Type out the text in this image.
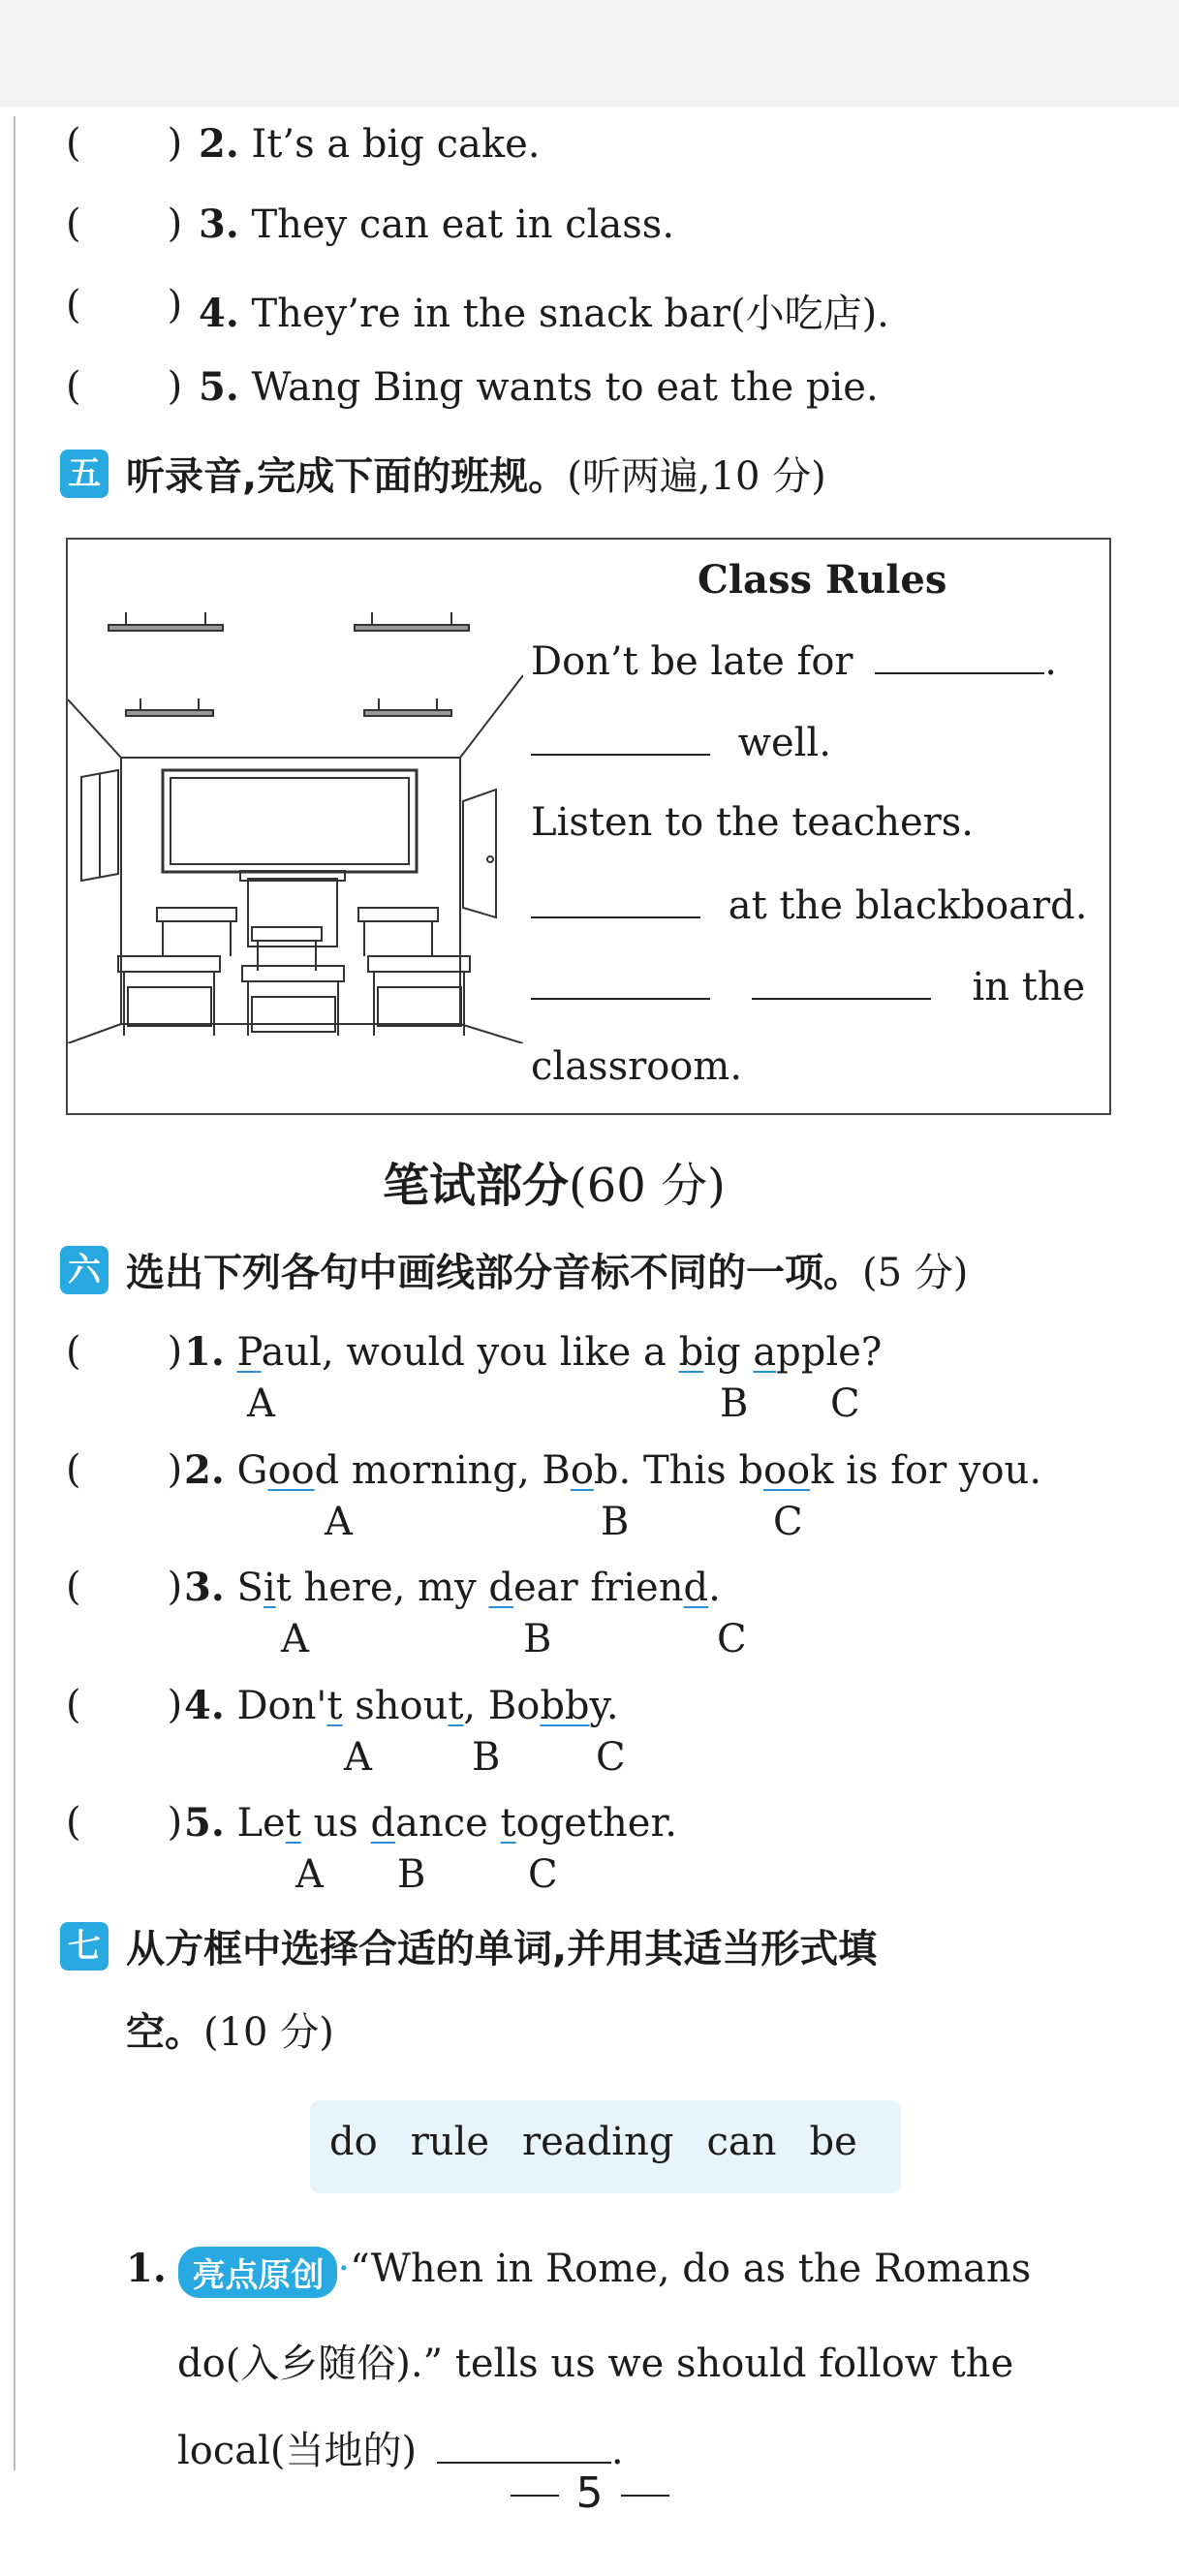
(       ) 2. It’s a big cake.
(       ) 3. They can eat in class.
(       ) 4. They’re in the snack bar(小吃店).
(       ) 5. Wang Bing wants to eat the pie.
五 听录音,完成下面的班规。 (听两遍,10 分)
Class Rules
Don’t be late for	.
well.
Listen to the teachers.
at the blackboard.
in the
classroom.
笔试部分(60 分)
六 选出下列各句中画线部分音标不同的一项。 (5 分)
(       ) 1. Paul, would you like a big apple?
A	B C
(       ) 2. Good morning, Bob. This book is for you.
A	B	C
(       ) 3. Sit here, my dear friend.
A	B	C
(       ) 4. Don't shout, Bobby.
A	B C
(       ) 5. Let us dance together.
A B	C
七 从方框中选择合适的单词,并用其适当形式填
空。 (10 分)
do rule reading can be
1. 亮点原创 ·“When in Rome, do as the Romans
do(入乡随俗).” tells us we should follow the
local(当地的)	.
5
